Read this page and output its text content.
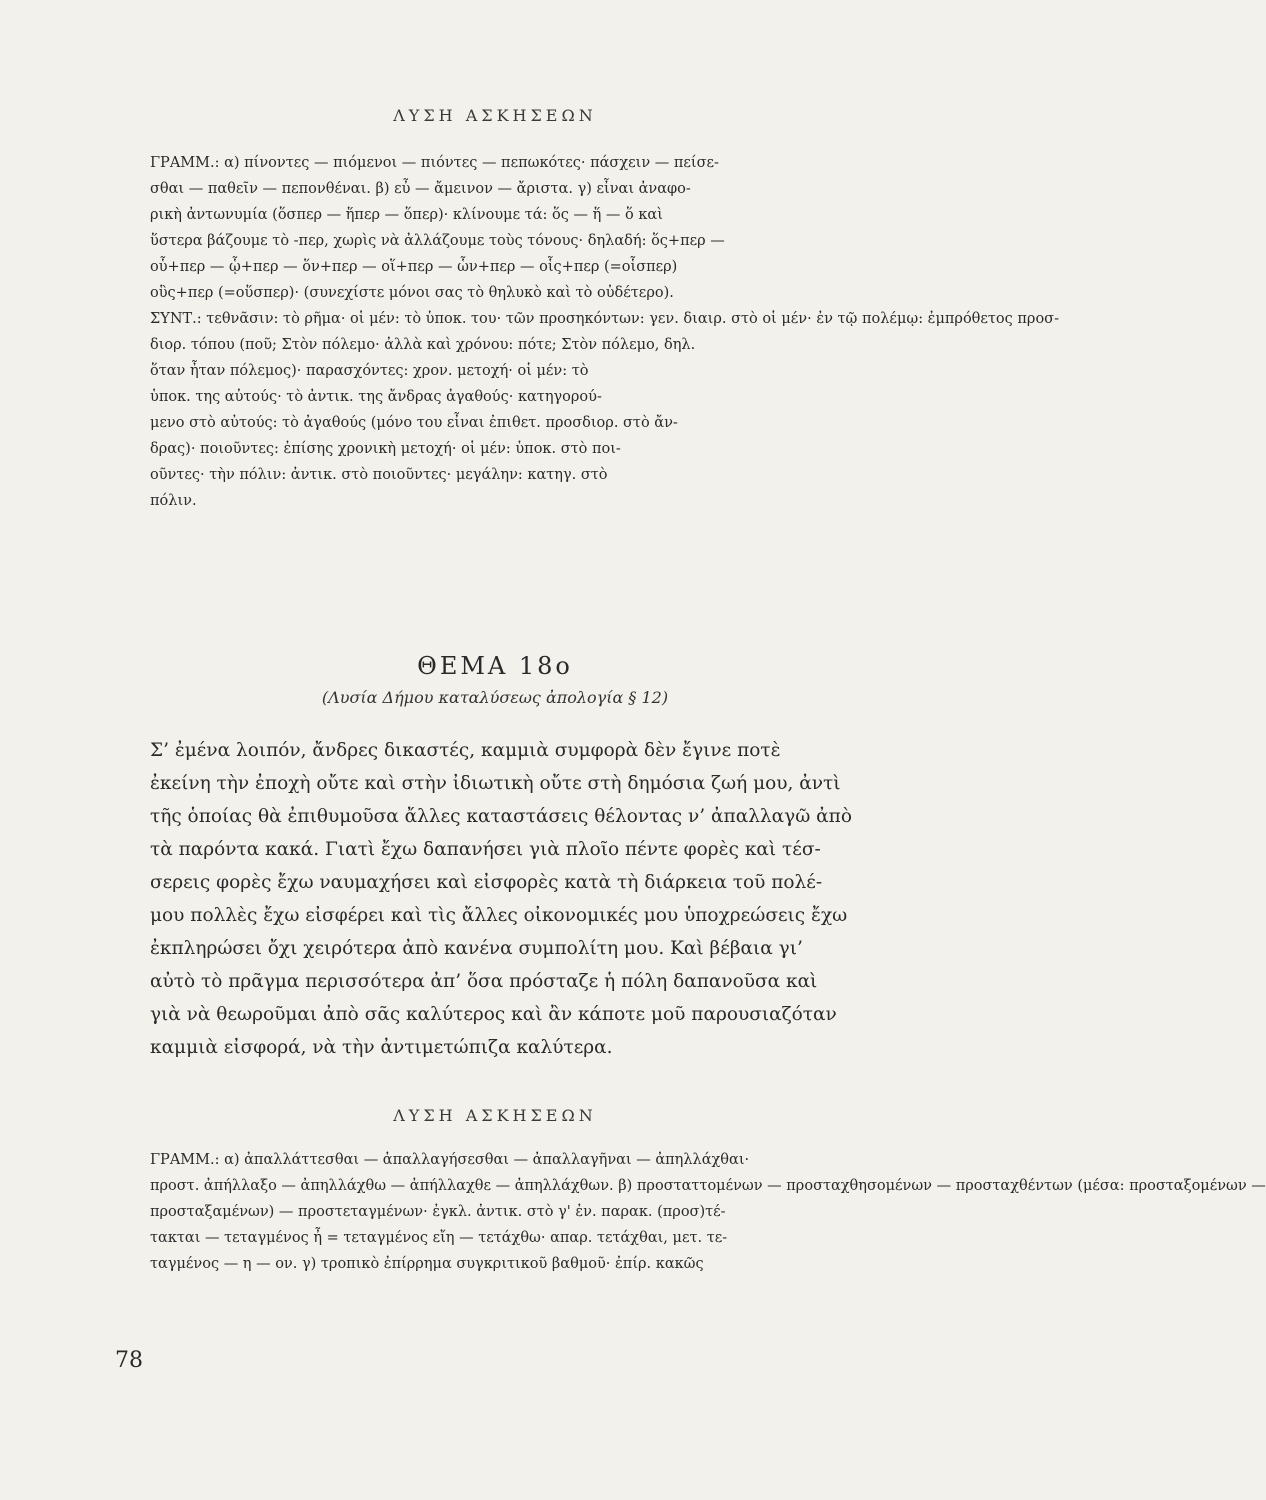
ΛΥΣΗ ΑΣΚΗΣΕΩΝ
ΓΡΑΜΜ.: α) πίνοντες — πιόμενοι — πιόντες — πεπωκότες· πάσχειν — πείσε-
σθαι — παθεῖν — πεπονθέναι. β) εὖ — ἄμεινον — ἄριστα. γ) εἶναι ἀναφο-
ρικὴ ἀντωνυμία (ὅσπερ — ἥπερ — ὅπερ)· κλίνουμε τά: ὅς — ἥ — ὅ καὶ
ὕστερα βάζουμε τὸ -περ, χωρὶς νὰ ἀλλάζουμε τοὺς τόνους· δηλαδή: ὅς+περ —
οὗ+περ — ᾧ+περ — ὅν+περ — οἵ+περ — ὧν+περ — οἷς+περ (=οἷσπερ)
οὓς+περ (=οὕσπερ)· (συνεχίστε μόνοι σας τὸ θηλυκὸ καὶ τὸ οὐδέτερο).
ΣΥΝΤ.: τεθνᾶσιν: τὸ ρῆμα· οἱ μέν: τὸ ὑποκ. του· τῶν προσηκόντων: γεν. διαιρ. στὸ οἱ μέν· ἐν τῷ πολέμῳ: ἐμπρόθετος προσ-
διορ. τόπου (ποῦ; Στὸν πόλεμο· ἀλλὰ καὶ χρόνου: πότε; Στὸν πόλεμο, δηλ.
ὅταν ἦταν πόλεμος)· παρασχόντες: χρον. μετοχή· οἱ μέν: τὸ
ὑποκ. της αὐτούς· τὸ ἀντικ. της ἄνδρας ἀγαθούς· κατηγορού-
μενο στὸ αὐτούς: τὸ ἀγαθούς (μόνο του εἶναι ἐπιθετ. προσδιορ. στὸ ἄν-
δρας)· ποιοῦντες: ἐπίσης χρονικὴ μετοχή· οἱ μέν: ὑποκ. στὸ ποι-
οῦντες· τὴν πόλιν: ἀντικ. στὸ ποιοῦντες· μεγάλην: κατηγ. στὸ
πόλιν.
ΘΕΜΑ 18ο
(Λυσία Δήμου καταλύσεως ἀπολογία § 12)
Σ’ ἐμένα λοιπόν, ἄνδρες δικαστές, καμμιὰ συμφορὰ δὲν ἔγινε ποτὲ
ἐκείνη τὴν ἐποχὴ οὔτε καὶ στὴν ἰδιωτικὴ οὔτε στὴ δημόσια ζωή μου, ἀντὶ
τῆς ὁποίας θὰ ἐπιθυμοῦσα ἄλλες καταστάσεις θέλοντας ν’ ἀπαλλαγῶ ἀπὸ
τὰ παρόντα κακά. Γιατὶ ἔχω δαπανήσει γιὰ πλοῖο πέντε φορὲς καὶ τέσ-
σερεις φορὲς ἔχω ναυμαχήσει καὶ εἰσφορὲς κατὰ τὴ διάρκεια τοῦ πολέ-
μου πολλὲς ἔχω εἰσφέρει καὶ τὶς ἄλλες οἰκονομικές μου ὑποχρεώσεις ἔχω
ἐκπληρώσει ὄχι χειρότερα ἀπὸ κανένα συμπολίτη μου. Καὶ βέβαια γι’
αὐτὸ τὸ πρᾶγμα περισσότερα ἀπ’ ὅσα πρόσταζε ἡ πόλη δαπανοῦσα καὶ
γιὰ νὰ θεωροῦμαι ἀπὸ σᾶς καλύτερος καὶ ἂν κάποτε μοῦ παρουσιαζόταν
καμμιὰ εἰσφορά, νὰ τὴν ἀντιμετώπιζα καλύτερα.
ΛΥΣΗ ΑΣΚΗΣΕΩΝ
ΓΡΑΜΜ.: α) ἀπαλλάττεσθαι — ἀπαλλαγήσεσθαι — ἀπαλλαγῆναι — ἀπηλλάχθαι·
προστ. ἀπήλλαξο — ἀπηλλάχθω — ἀπήλλαχθε — ἀπηλλάχθων. β) προσταττομένων — προσταχθησομένων — προσταχθέντων (μέσα: προσταξομένων —
προσταξαμένων) — προστεταγμένων· ἐγκλ. ἀντικ. στὸ γ' ἐν. παρακ. (προσ)τέ-
τακται — τεταγμένος ἦ = τεταγμένος εἴη — τετάχθω· απαρ. τετάχθαι, μετ. τε-
ταγμένος — η — ον. γ) τροπικὸ ἐπίρρημα συγκριτικοῦ βαθμοῦ· ἐπίρ. κακῶς
78
